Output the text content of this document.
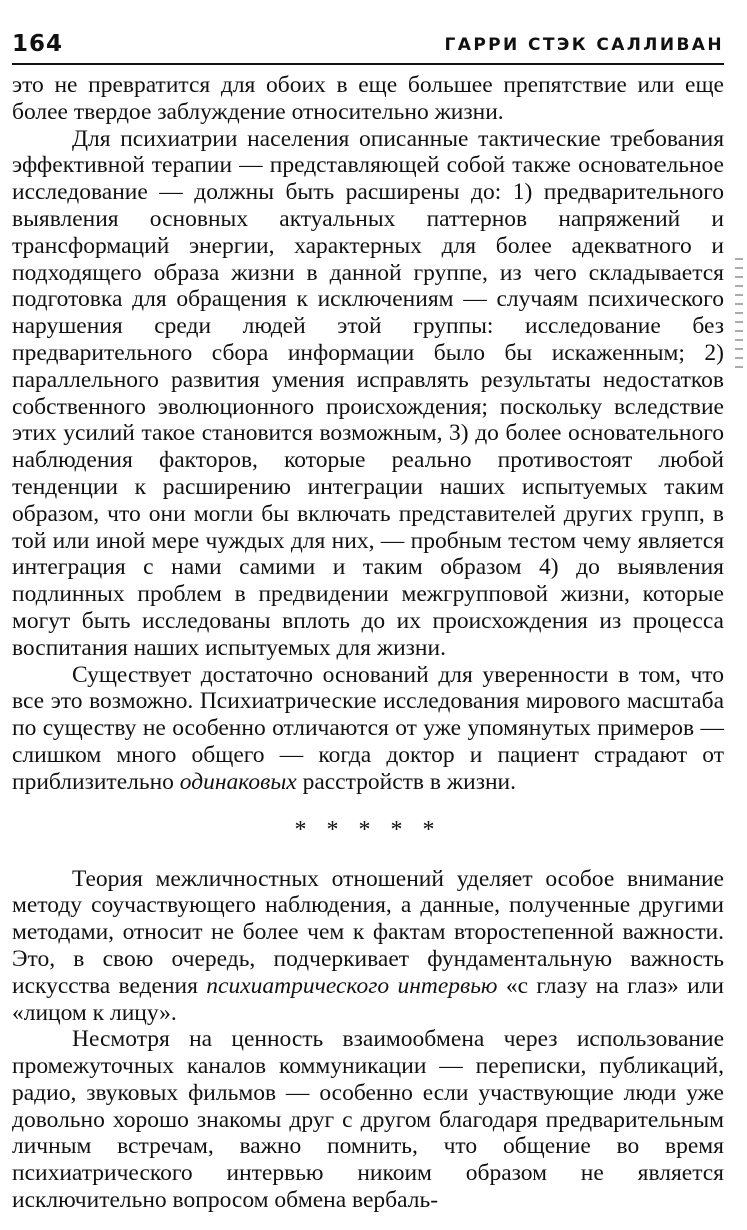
164	ГАРРИ СТЭК САЛЛИВАН

это не превратится для обоих в еще большее препятствие или еще более твердое заблуждение относительно жизни.

Для психиатрии населения описанные тактические требования эффективной терапии — представляющей собой также основательное исследование — должны быть расширены до: 1) предварительного выявления основных актуальных паттернов напряжений и трансформаций энергии, характерных для более адекватного и подходящего образа жизни в данной группе, из чего складывается подготовка для обращения к исключениям — случаям психического нарушения среди людей этой группы: исследование без предварительного сбора информации было бы искаженным; 2) параллельного развития умения исправлять результаты недостатков собственного эволюционного происхождения; поскольку вследствие этих усилий такое становится возможным, 3) до более основательного наблюдения факторов, которые реально противостоят любой тенденции к расширению интеграции наших испытуемых таким образом, что они могли бы включать представителей других групп, в той или иной мере чуждых для них, — пробным тестом чему является интеграция с нами самими и таким образом 4) до выявления подлинных проблем в предвидении межгрупповой жизни, которые могут быть исследованы вплоть до их происхождения из процесса воспитания наших испытуемых для жизни.

Существует достаточно оснований для уверенности в том, что все это возможно. Психиатрические исследования мирового масштаба по существу не особенно отличаются от уже упомянутых примеров — слишком много общего — когда доктор и пациент страдают от приблизительно одинаковых расстройств в жизни.

* * * * *

Теория межличностных отношений уделяет особое внимание методу соучаствующего наблюдения, а данные, полученные другими методами, относит не более чем к фактам второстепенной важности. Это, в свою очередь, подчеркивает фундаментальную важность искусства ведения психиатрического интервью «с глазу на глаз» или «лицом к лицу».

Несмотря на ценность взаимообмена через использование промежуточных каналов коммуникации — переписки, публикаций, радио, звуковых фильмов — особенно если участвующие люди уже довольно хорошо знакомы друг с другом благодаря предварительным личным встречам, важно помнить, что общение во время психиатрического интервью никоим образом не является исключительно вопросом обмена вербаль-
